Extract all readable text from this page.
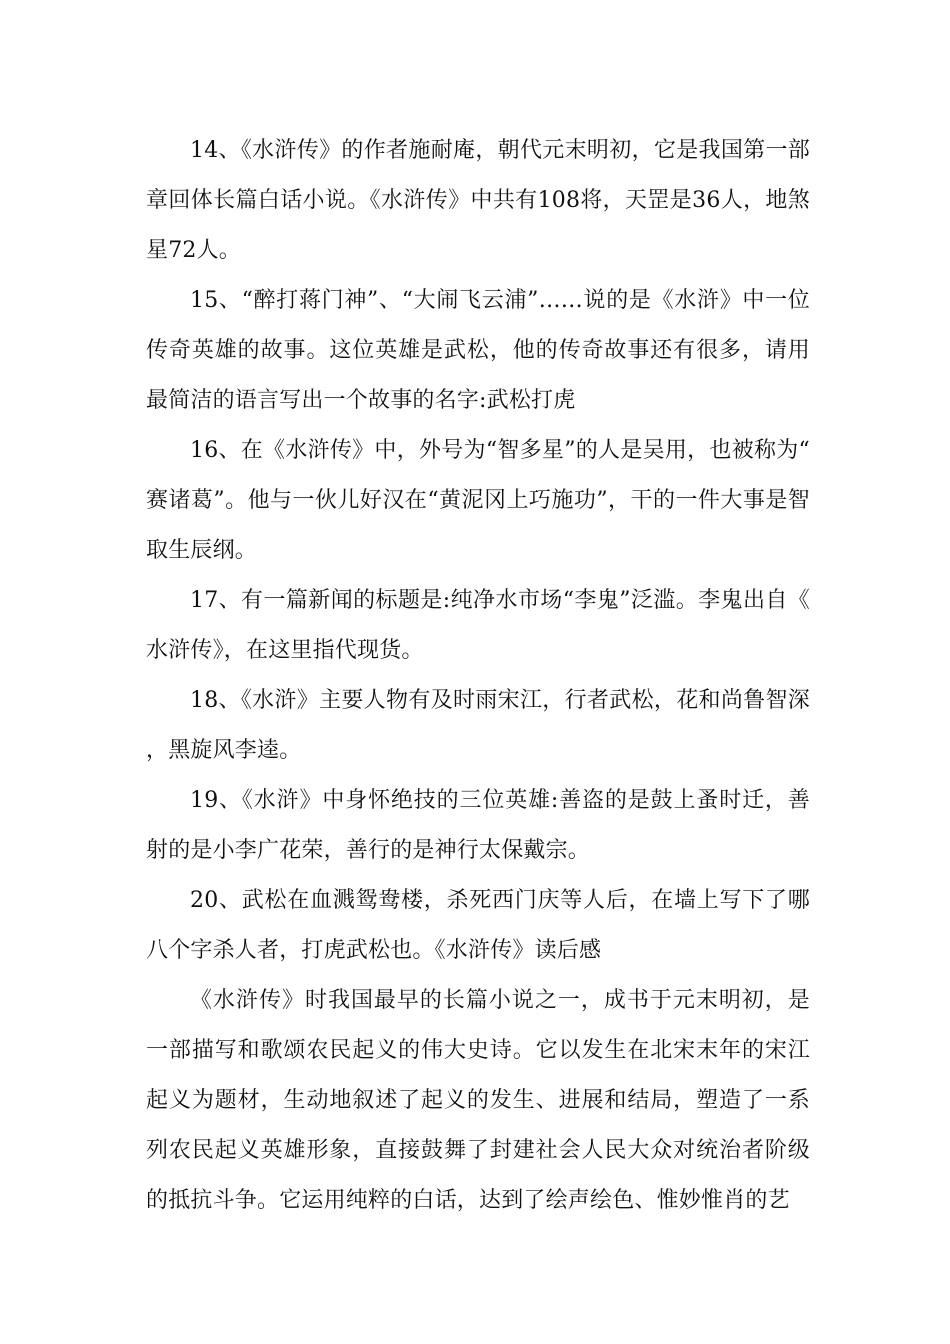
14、《水浒传》的作者施耐庵，朝代元末明初，它是我国第一部章回体长篇白话小说。《水浒传》中共有108将，天罡是36人，地煞星72人。

15、“醉打蒋门神”、“大闹飞云浦”……说的是《水浒》中一位传奇英雄的故事。这位英雄是武松，他的传奇故事还有很多，请用最简洁的语言写出一个故事的名字:武松打虎

16、在《水浒传》中，外号为“智多星”的人是吴用，也被称为“赛诸葛”。他与一伙儿好汉在“黄泥冈上巧施功”，干的一件大事是智取生辰纲。

17、有一篇新闻的标题是:纯净水市场“李鬼”泛滥。李鬼出自《水浒传》，在这里指代现货。

18、《水浒》主要人物有及时雨宋江，行者武松，花和尚鲁智深，黑旋风李逵。

19、《水浒》中身怀绝技的三位英雄:善盗的是鼓上蚤时迁，善射的是小李广花荣，善行的是神行太保戴宗。

20、武松在血溅鸳鸯楼，杀死西门庆等人后，在墙上写下了哪八个字杀人者，打虎武松也。《水浒传》读后感

《水浒传》时我国最早的长篇小说之一，成书于元末明初，是一部描写和歌颂农民起义的伟大史诗。它以发生在北宋末年的宋江起义为题材，生动地叙述了起义的发生、进展和结局，塑造了一系列农民起义英雄形象，直接鼓舞了封建社会人民大众对统治者阶级的抵抗斗争。它运用纯粹的白话，达到了绘声绘色、惟妙惟肖的艺
